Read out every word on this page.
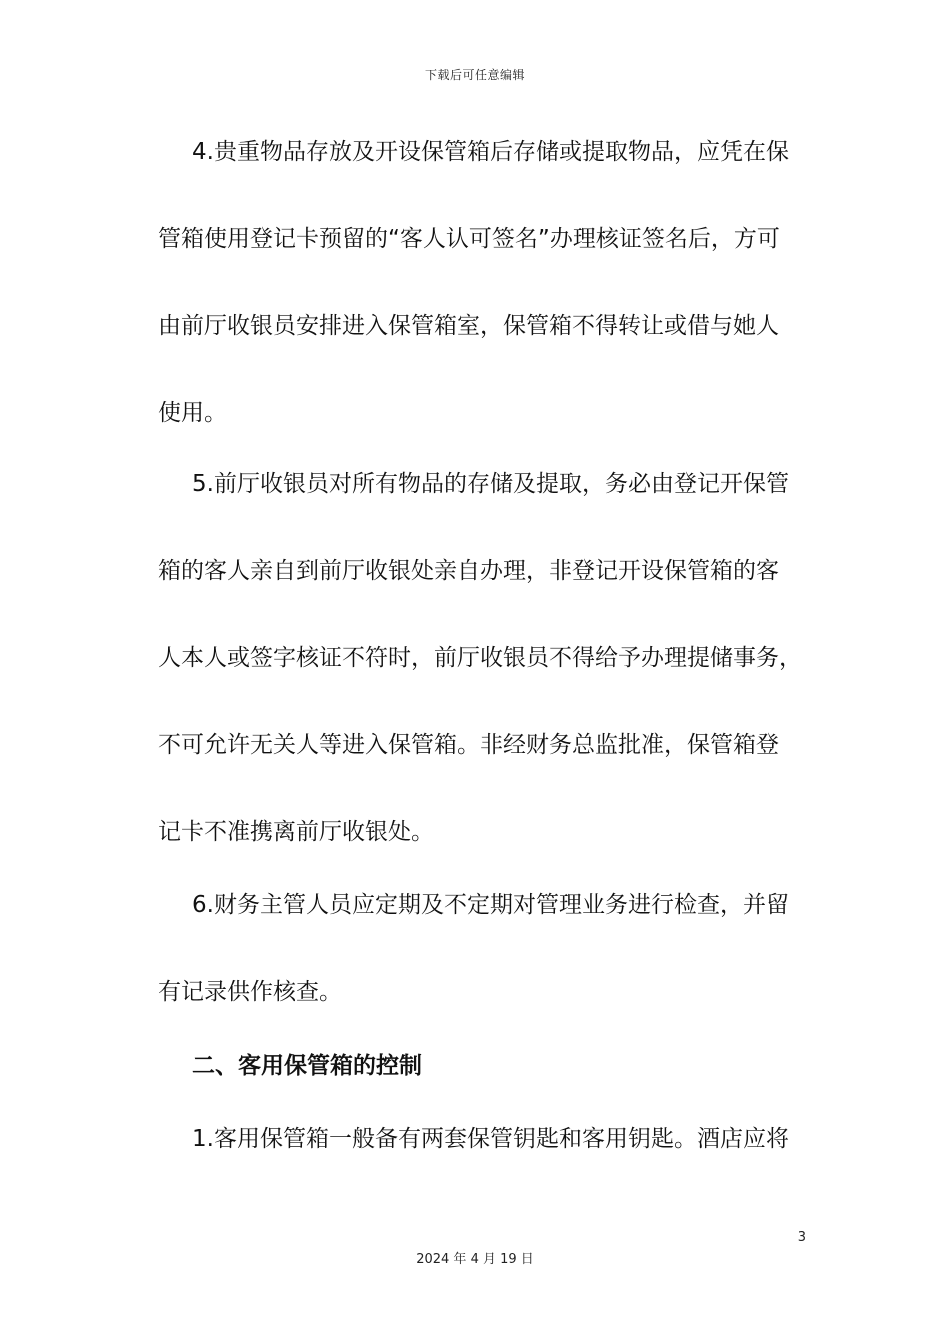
下载后可任意编辑
4.贵重物品存放及开设保管箱后存储或提取物品，应凭在保
管箱使用登记卡预留的“客人认可签名”办理核证签名后，方可
由前厅收银员安排进入保管箱室，保管箱不得转让或借与她人
使用。
5.前厅收银员对所有物品的存储及提取，务必由登记开保管
箱的客人亲自到前厅收银处亲自办理，非登记开设保管箱的客
人本人或签字核证不符时，前厅收银员不得给予办理提储事务，
不可允许无关人等进入保管箱。非经财务总监批准，保管箱登
记卡不准携离前厅收银处。
6.财务主管人员应定期及不定期对管理业务进行检查，并留
有记录供作核查。
二、客用保管箱的控制
1.客用保管箱一般备有两套保管钥匙和客用钥匙。酒店应将
3
2024 年 4 月 19 日
